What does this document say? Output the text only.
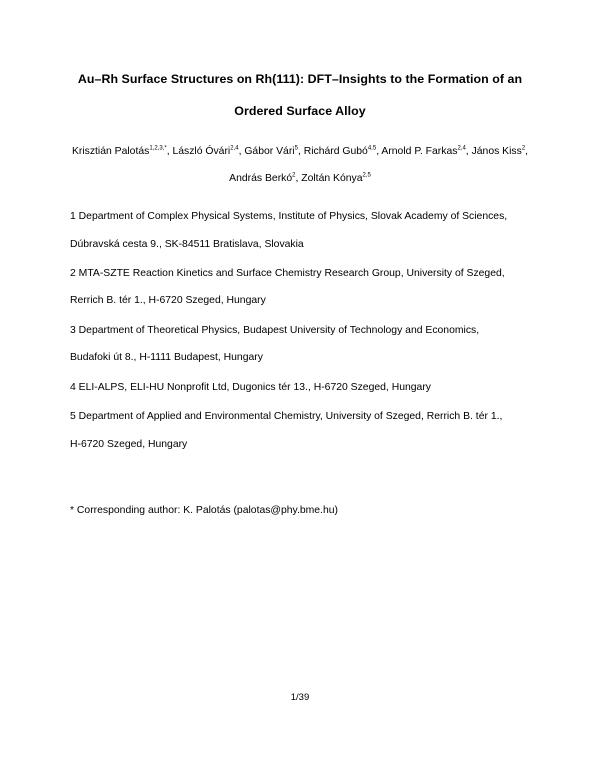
Au–Rh Surface Structures on Rh(111): DFT–Insights to the Formation of an
Ordered Surface Alloy
Krisztián Palotás$^{1,2,3,*}$, László Óvári$^{2,4}$, Gábor Vári$^5$, Richárd Gubó$^{4,5}$, Arnold P. Farkas$^{2,4}$, János Kiss$^2$,
András Berkó$^2$, Zoltán Kónya$^{2,5}$
1 Department of Complex Physical Systems, Institute of Physics, Slovak Academy of Sciences,
Dúbravská cesta 9., SK-84511 Bratislava, Slovakia
2 MTA-SZTE Reaction Kinetics and Surface Chemistry Research Group, University of Szeged,
Rerrich B. tér 1., H-6720 Szeged, Hungary
3 Department of Theoretical Physics, Budapest University of Technology and Economics,
Budafoki út 8., H-1111 Budapest, Hungary
4 ELI-ALPS, ELI-HU Nonprofit Ltd, Dugonics tér 13., H-6720 Szeged, Hungary
5 Department of Applied and Environmental Chemistry, University of Szeged, Rerrich B. tér 1.,
H-6720 Szeged, Hungary
* Corresponding author: K. Palotás (palotas@phy.bme.hu)
1/39
